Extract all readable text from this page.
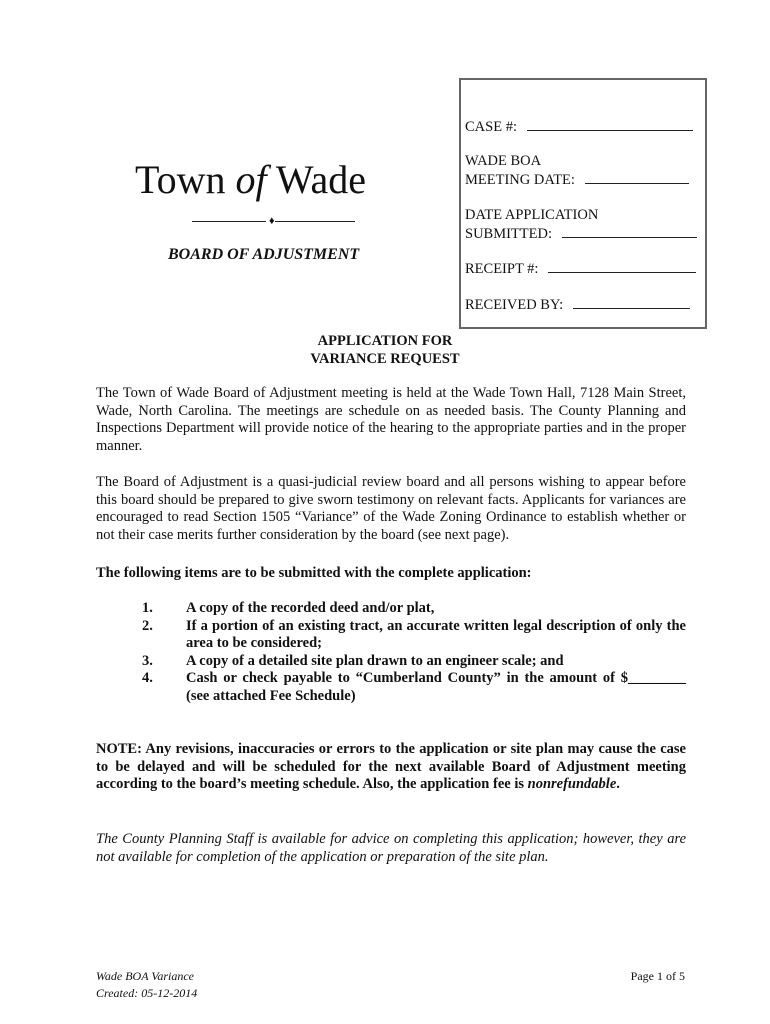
Town of Wade
♦
BOARD OF ADJUSTMENT
CASE #:
WADE BOA
MEETING DATE:
DATE APPLICATION
SUBMITTED:
RECEIPT #:
RECEIVED BY:
APPLICATION FOR
VARIANCE REQUEST
The Town of Wade Board of Adjustment meeting is held at the Wade Town Hall, 7128 Main Street, Wade, North Carolina. The meetings are schedule on as needed basis. The County Planning and Inspections Department will provide notice of the hearing to the appropriate parties and in the proper manner.
The Board of Adjustment is a quasi-judicial review board and all persons wishing to appear before this board should be prepared to give sworn testimony on relevant facts. Applicants for variances are encouraged to read Section 1505 “Variance” of the Wade Zoning Ordinance to establish whether or not their case merits further consideration by the board (see next page).
The following items are to be submitted with the complete application:
1. A copy of the recorded deed and/or plat,
2. If a portion of an existing tract, an accurate written legal description of only the area to be considered;
3. A copy of a detailed site plan drawn to an engineer scale; and
4. Cash or check payable to “Cumberland County” in the amount of $________ (see attached Fee Schedule)
NOTE: Any revisions, inaccuracies or errors to the application or site plan may cause the case to be delayed and will be scheduled for the next available Board of Adjustment meeting according to the board’s meeting schedule. Also, the application fee is nonrefundable.
The County Planning Staff is available for advice on completing this application; however, they are not available for completion of the application or preparation of the site plan.
Wade BOA Variance
Created: 05-12-2014
Page 1 of 5
